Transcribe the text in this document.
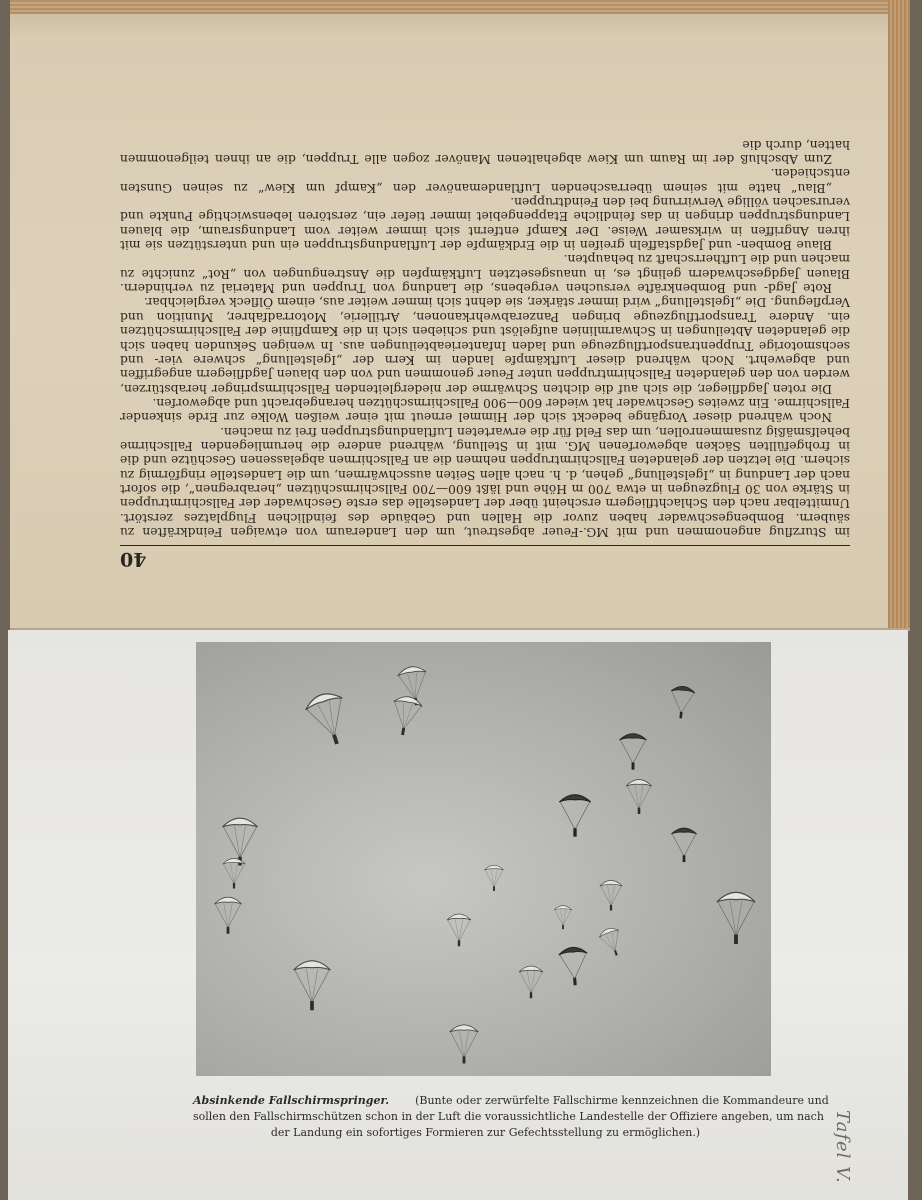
40

im Sturzflug angenommen und mit MG.-Feuer abgestreut, um den Landeraum von etwaigen Feindkräften zu säubern. Bombengeschwader haben zuvor die Hallen und Gebäude des feindlichen Flugplatzes zerstört. Unmittelbar nach den Schlachtfliegern erscheint über der Landestelle das erste Geschwader der Fallschirmtruppen in Stärke von 30 Flugzeugen in etwa 700 m Höhe und läßt 600—700 Fallschirmschützen „herabregnen“, die sofort nach der Landung in „Igelstellung“ gehen, d. h. nach allen Seiten ausschwärmen, um die Landestelle ringförmig zu sichern. Die letzten der gelandeten Fallschirmtruppen nehmen die an Fallschirmen abgelassenen Geschütze und die in frohgefüllten Säcken abgeworfenen MG. mit in Stellung, während andere die herumliegenden Fallschirme behelfsmäßig zusammenrollen, um das Feld für die erwarteten Luftlandungstruppen frei zu machen.

Noch während dieser Vorgänge bedeckt sich der Himmel erneut mit einer weißen Wolke zur Erde sinkender Fallschirme. Ein zweites Geschwader hat wieder 600—900 Fallschirmschützen herangebracht und abgeworfen.

Die roten Jagdflieger, die sich auf die dichten Schwärme der niedergleitenden Fallschirmspringer herabstürzen, werden von den gelandeten Fallschirmtruppen unter Feuer genommen und von den blauen Jagdfliegern angegriffen und abgewehrt. Noch während dieser Luftkämpfe landen im Kern der „Igelstellung“ schwere vier- und sechsmotorige Truppentransportflugzeuge und laden Infanterieabteilungen aus. In wenigen Sekunden haben sich die gelandeten Abteilungen in Schwarmlinien aufgelöst und schieben sich in die Kampflinie der Fallschirmschützen ein. Andere Transportflugzeuge bringen Panzerabwehrkanonen, Artillerie, Motorradfahrer, Munition und Verpflegung. Die „Igelstellung“ wird immer stärker, sie dehnt sich immer weiter aus, einem Ölfleck vergleichbar.

Rote Jagd- und Bombenkräfte versuchen vergebens, die Landung von Truppen und Material zu verhindern. Blauen Jagdgeschwadern gelingt es, in unausgesetzten Luftkämpfen die Anstrengungen von „Rot“ zunichte zu machen und die Luftherrschaft zu behaupten.

Blaue Bomben- und Jagdstaffeln greifen in die Erdkämpfe der Luftlandungstruppen ein und unterstützen sie mit ihren Angriffen in wirksamer Weise. Der Kampf entfernt sich immer weiter vom Landungsraum, die blauen Landungstruppen dringen in das feindliche Etappengebiet immer tiefer ein, zerstören lebenswichtige Punkte und verursachen völlige Verwirrung bei den Feindtruppen.

„Blau“ hatte mit seinem überraschenden Luftlandemanöver den „Kampf um Kiew“ zu seinen Gunsten entschieden.

Zum Abschluß der im Raum um Kiew abgehaltenen Manöver zogen alle Truppen, die an ihnen teilgenommen hatten, durch die

Absinkende Fallschirmspringer. (Bunte oder zerwürfelte Fallschirme kennzeichnen die Kommandeure und
sollen den Fallschirmschützen schon in der Luft die voraussichtliche Landestelle der Offiziere angeben, um nach
der Landung ein sofortiges Formieren zur Gefechtsstellung zu ermöglichen.)	Tafel V.
